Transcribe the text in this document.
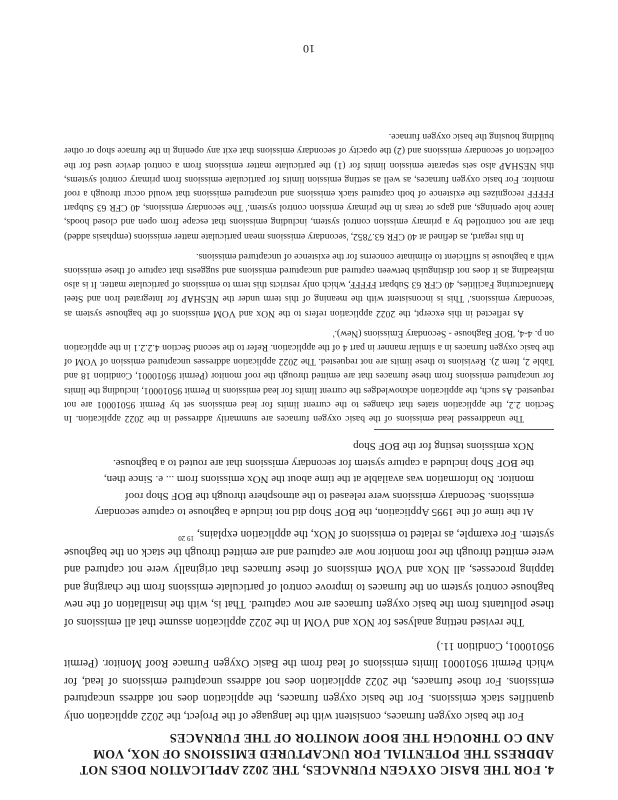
4. FOR THE BASIC OXYGEN FURNACES, THE 2022 APPLICATION DOES NOT ADDRESS THE POTENTIAL FOR UNCAPTURED EMISSIONS OF NOX, VOM AND CO THROUGH THE BOOF MONITOR OF THE FURNACES

For the basic oxygen furnaces, consistent with the language of the Project, the 2022 application only quantifies stack emissions. For the basic oxygen furnaces, the application does not address uncaptured emissions. For those furnaces, the 2022 application does not address uncaptured emissions of lead, for which Permit 95010001 limits emissions of lead from the Basic Oxygen Furnace Roof Monitor. (Permit 95010001, Condition 11.)

The revised netting analyses for NOx and VOM in the 2022 application assume that all emissions of these pollutants from the basic oxygen furnaces are now captured. That is, with the installation of the new baghouse control system on the furnaces to improve control of particulate emissions from the charging and tapping processes, all NOx and VOM emissions of these furnaces that originally were not captured and were emitted through the roof monitor now are captured and are emitted through the stack on the baghouse system. For example, as related to emissions of NOx, the application explains, $^{19 20}$

At the time of the 1995 Application, the BOF Shop did not include a baghouse to capture secondary emissions. Secondary emissions were released to the atmosphere through the BOF Shop roof monitor. No information was available at the time about the NOx emissions from ... e. Since then, the BOF Shop included a capture system for secondary emissions that are routed to a baghouse. NOx emissions testing for the BOF Shop

The unaddressed lead emissions of the basic oxygen furnaces are summarily addressed in the 2022 application. In Section 2.2, the application states that changes to the current limits for lead emissions set by Permit 95010001 are not requested. As such, the application acknowledges the current limits for lead emissions in Permit 95010001, including the limits for uncaptured emissions from these furnaces that are emitted through the roof monitor (Permit 95010001, Condition 18 and Table 2, Item 2). Revisions to these limits are not requested. The 2022 application addresses uncaptured emission of VOM of the basic oxygen furnaces in a similar manner in part 4 of the application. Refer to the second Section 4.2.2.1 in the application on p. 4-4, 'BOF Baghouse - Secondary Emissions (New).'

As reflected in this excerpt, the 2022 application refers to the NOx and VOM emissions of the baghouse system as 'secondary emissions.' This is inconsistent with the meaning of this term under the NESHAP for Integrated Iron and Steel Manufacturing Facilities, 40 CFR 63 Subpart FFFFF, which only restricts this term to emissions of particulate matter. It is also misleading as it does not distinguish between captured and uncaptured emissions and suggests that capture of these emissions with a baghouse is sufficient to eliminate concerns for the existence of uncaptured emissions.

In this regard, as defined at 40 CFR 63.7852, 'secondary emissions mean particulate matter emissions (emphasis added) that are not controlled by a primary emission control system, including emissions that escape from open and closed hoods, lance hole openings, and gaps or tears in the primary emission control system.' The secondary emissions, 40 CFR 63 Subpart FFFFF recognizes the existence of both captured stack emissions and uncaptured emissions that would occur through a roof monitor. For basic oxygen furnaces, as well as setting emission limits for particulate emissions from primary control systems, this NESHAP also sets separate emission limits for (1) the particulate matter emissions from a control device used for the collection of secondary emissions and (2) the opacity of secondary emissions that exit any opening in the furnace shop or other building housing the basic oxygen furnace.

10
